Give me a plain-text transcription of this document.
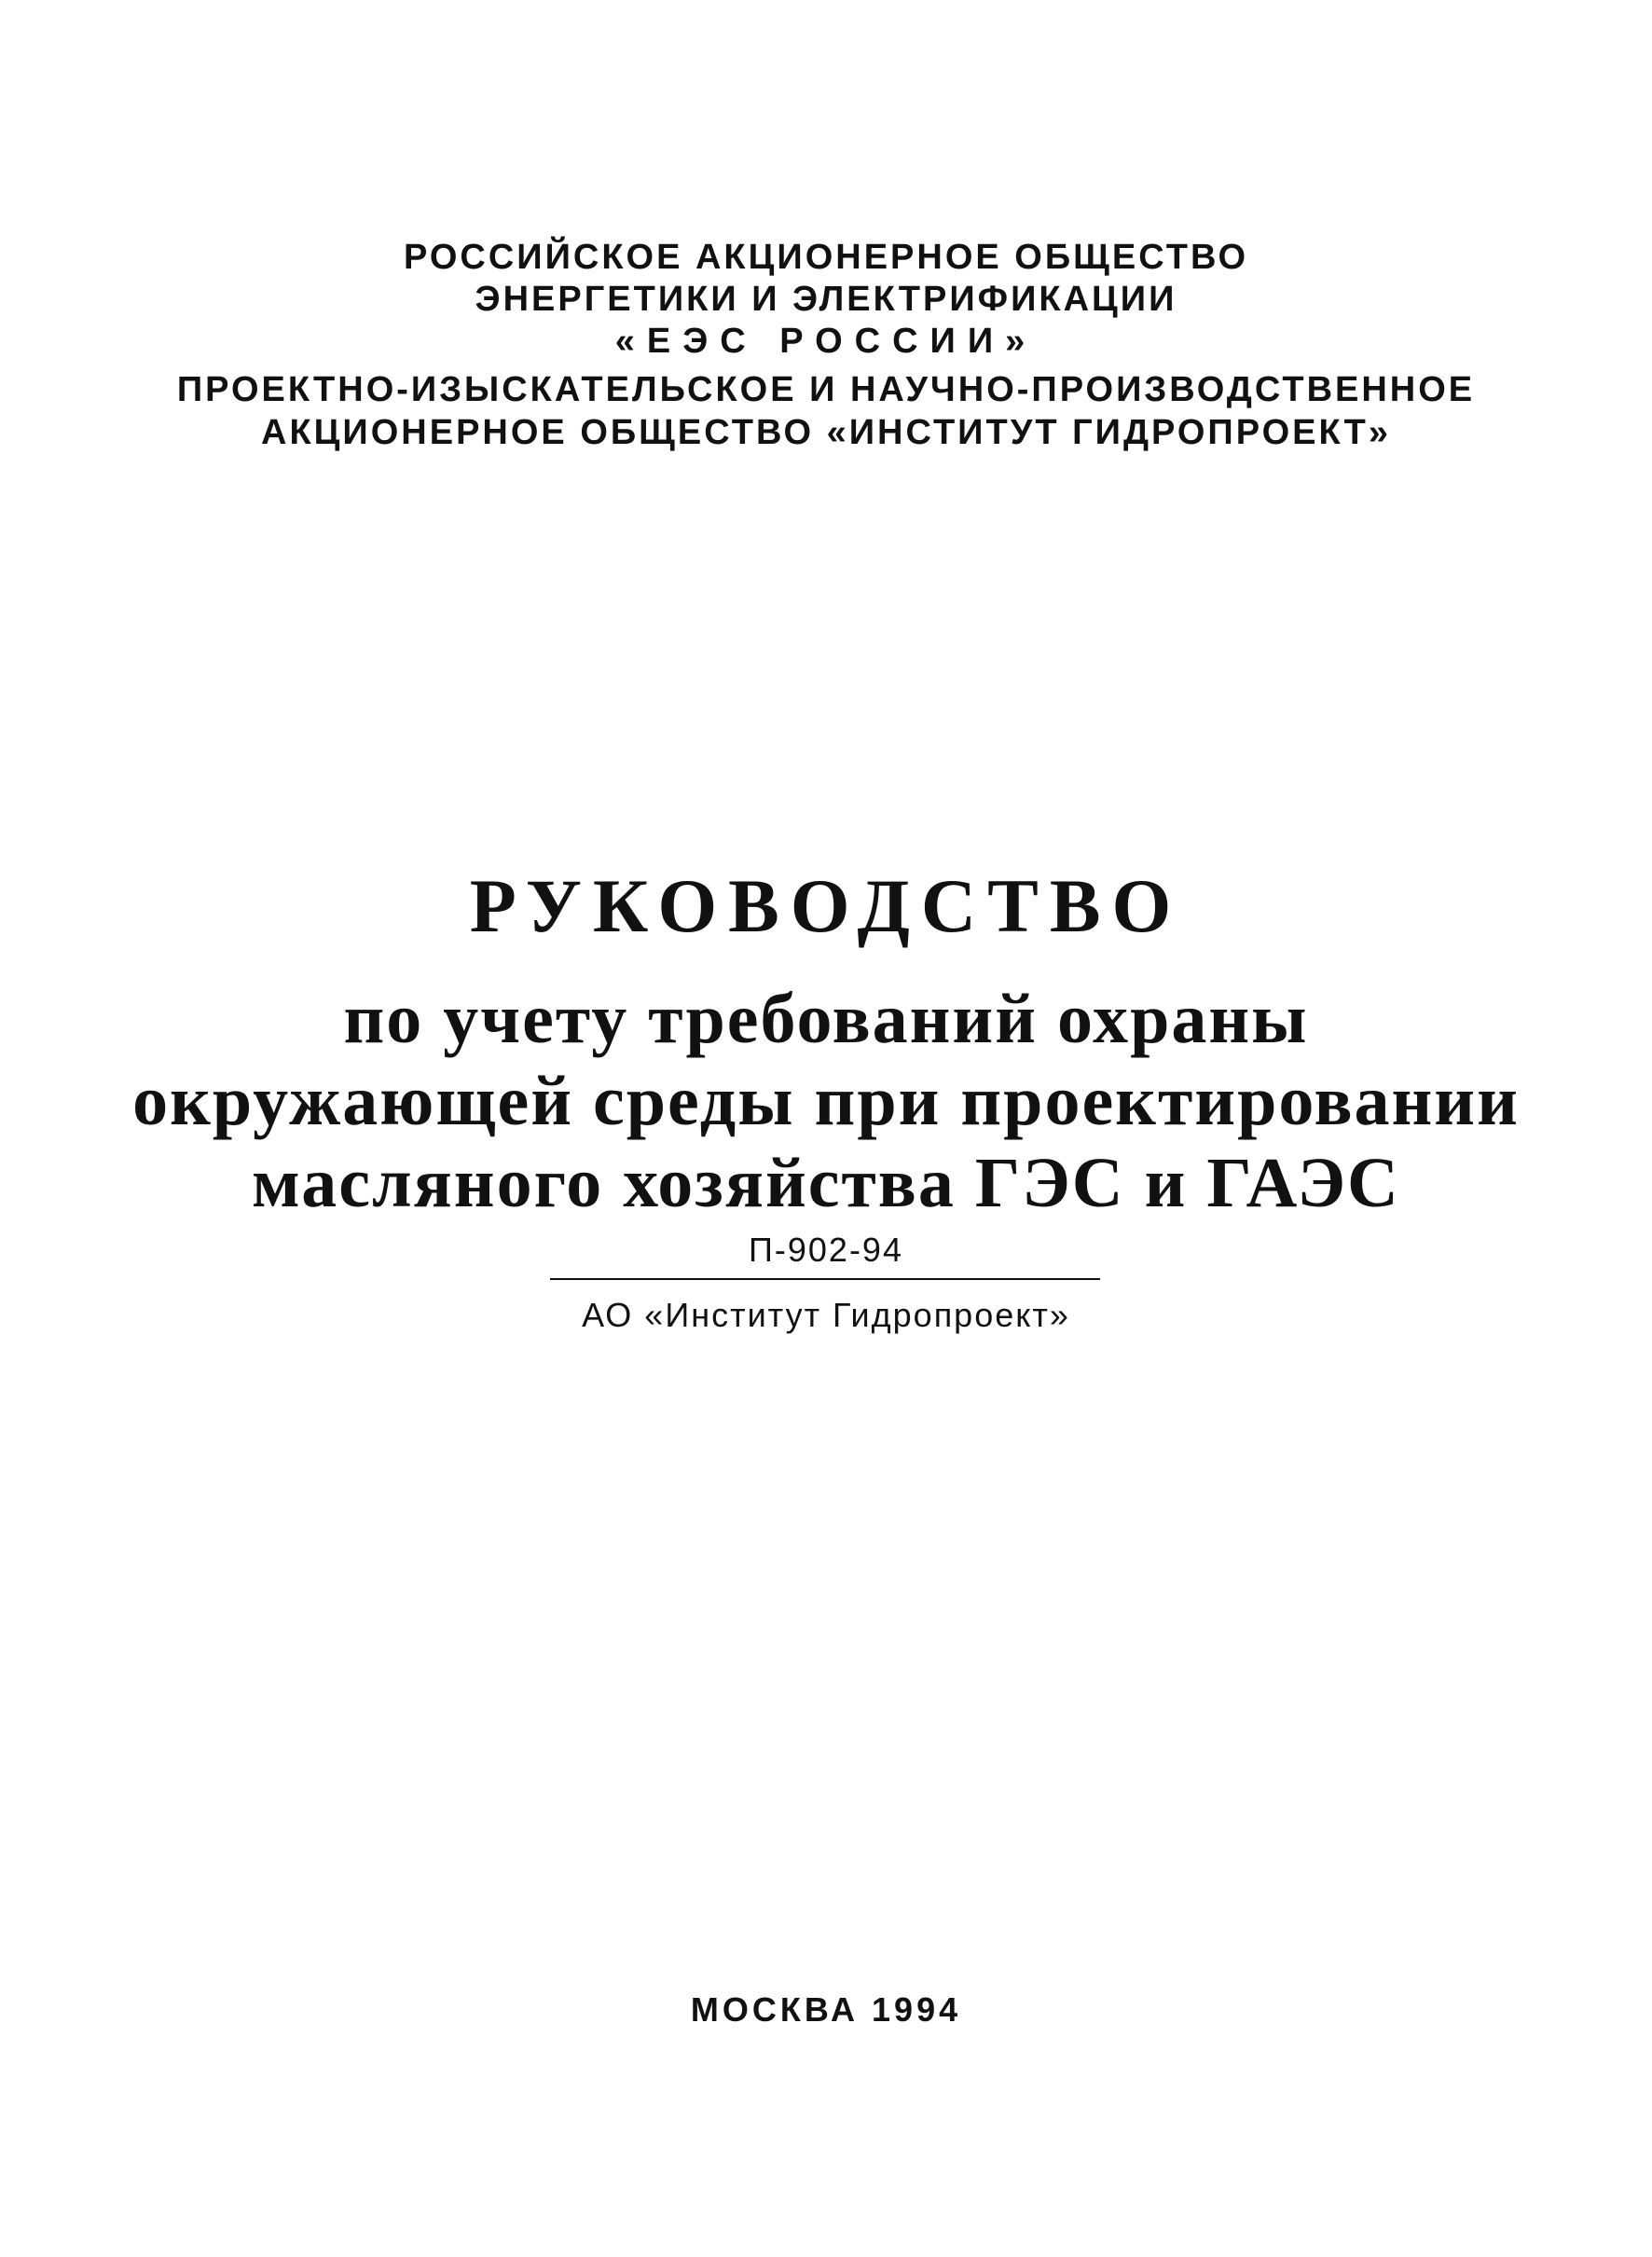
РОССИЙСКОЕ АКЦИОНЕРНОЕ ОБЩЕСТВО
ЭНЕРГЕТИКИ И ЭЛЕКТРИФИКАЦИИ
«ЕЭС РОССИИ»
ПРОЕКТНО-ИЗЫСКАТЕЛЬСКОЕ И НАУЧНО-ПРОИЗВОДСТВЕННОЕ
АКЦИОНЕРНОЕ ОБЩЕСТВО «ИНСТИТУТ ГИДРОПРОЕКТ»
РУКОВОДСТВО
по учету требований охраны
окружающей среды при проектировании
масляного хозяйства ГЭС и ГАЭС
П-902-94
АО «Институт Гидропроект»
МОСКВА 1994
